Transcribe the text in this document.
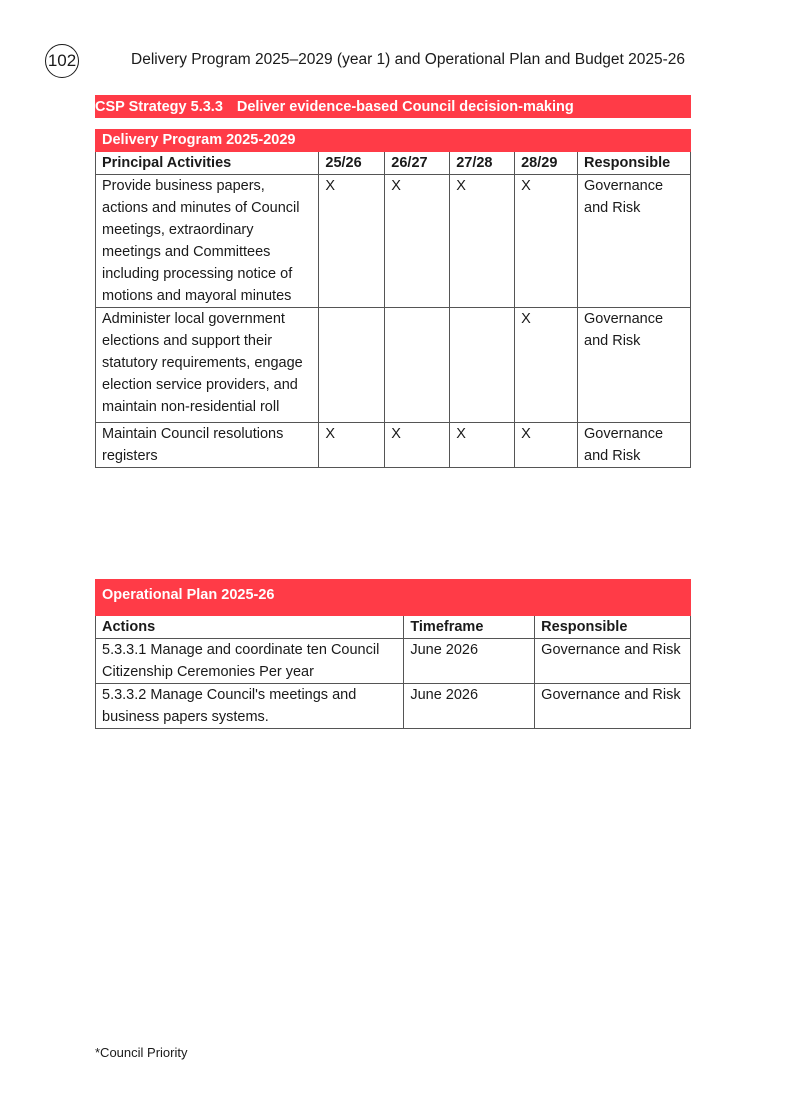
102	Delivery Program 2025–2029 (year 1) and Operational Plan and Budget 2025-26
CSP Strategy 5.3.3 Deliver evidence-based Council decision-making
Delivery Program 2025-2029					
Principal Activities	25/26	26/27	27/28	28/29	Responsible
Provide business papers, actions and minutes of Council meetings, extraordinary meetings and Committees including processing notice of motions and mayoral minutes	X	X	X	X	Governance and Risk
Administer local government elections and support their statutory requirements, engage election service providers, and maintain non-residential roll				X	Governance and Risk
Maintain Council resolutions registers	X	X	X	X	Governance and Risk
Operational Plan 2025-26		
Actions	Timeframe	Responsible
5.3.3.1 Manage and coordinate ten Council Citizenship Ceremonies Per year	June 2026	Governance and Risk
5.3.3.2 Manage Council's meetings and business papers systems.	June 2026	Governance and Risk
*Council Priority
